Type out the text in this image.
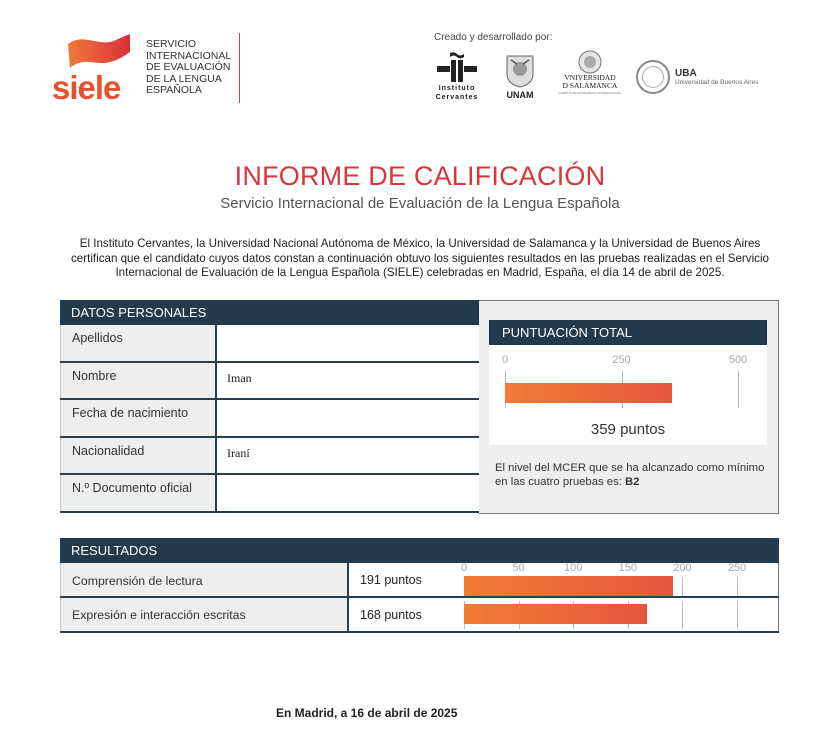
siele
SERVICIO
INTERNACIONAL
DE EVALUACIÓN
DE LA LENGUA
ESPAÑOLA
Creado y desarrollado por:
Instituto
Cervantes	UNAM
VNIVERSIDAD
D SALAMANCA
CAMPUS DE EXCELENCIA INTERNACIONAL
UBA
Universidad de Buenos Aires
INFORME DE CALIFICACIÓN
Servicio Internacional de Evaluación de la Lengua Española
El Instituto Cervantes, la Universidad Nacional Autónoma de México, la Universidad de Salamanca y la Universidad de Buenos Aires certifican que el candidato cuyos datos constan a continuación obtuvo los siguientes resultados en las pruebas realizadas en el Servicio Internacional de Evaluación de la Lengua Española (SIELE) celebradas en Madrid, España, el día 14 de abril de 2025.
DATOS PERSONALES
Apellidos
Nombre	Iman
Fecha de nacimiento
Nacionalidad	Iraní
N.º Documento oficial
PUNTUACIÓN TOTAL
359 puntos
0	250	500
El nivel del MCER que se ha alcanzado como mínimo en las cuatro pruebas es: B2
RESULTADOS
Comprensión de lectura	191 puntos
0	50	100	150	200	250
Expresión e interacción escritas	168 puntos
En Madrid, a 16 de abril de 2025
